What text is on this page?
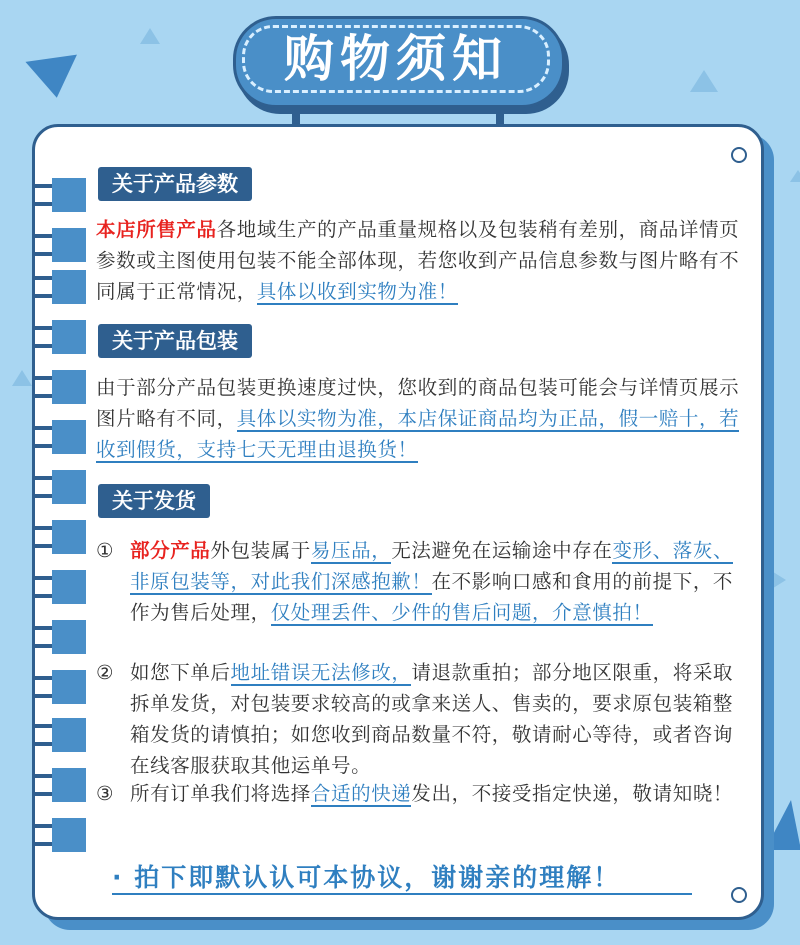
购物须知
关于产品参数
本店所售产品各地域生产的产品重量规格以及包装稍有差别，商品详情页参数或主图使用包装不能全部体现，若您收到产品信息参数与图片略有不同属于正常情况，具体以收到实物为准！
关于产品包装
由于部分产品包装更换速度过快，您收到的商品包装可能会与详情页展示图片略有不同，具体以实物为准，本店保证商品均为正品，假一赔十，若收到假货，支持七天无理由退换货！
关于发货
① 部分产品外包装属于易压品，无法避免在运输途中存在变形、落灰、非原包装等，对此我们深感抱歉！在不影响口感和食用的前提下，不作为售后处理，仅处理丢件、少件的售后问题，介意慎拍！
② 如您下单后地址错误无法修改，请退款重拍；部分地区限重，将采取拆单发货，对包装要求较高的或拿来送人、售卖的，要求原包装箱整箱发货的请慎拍；如您收到商品数量不符，敬请耐心等待，或者咨询在线客服获取其他运单号。
③ 所有订单我们将选择合适的快递发出，不接受指定快递，敬请知晓！
· 拍下即默认认可本协议，谢谢亲的理解！
